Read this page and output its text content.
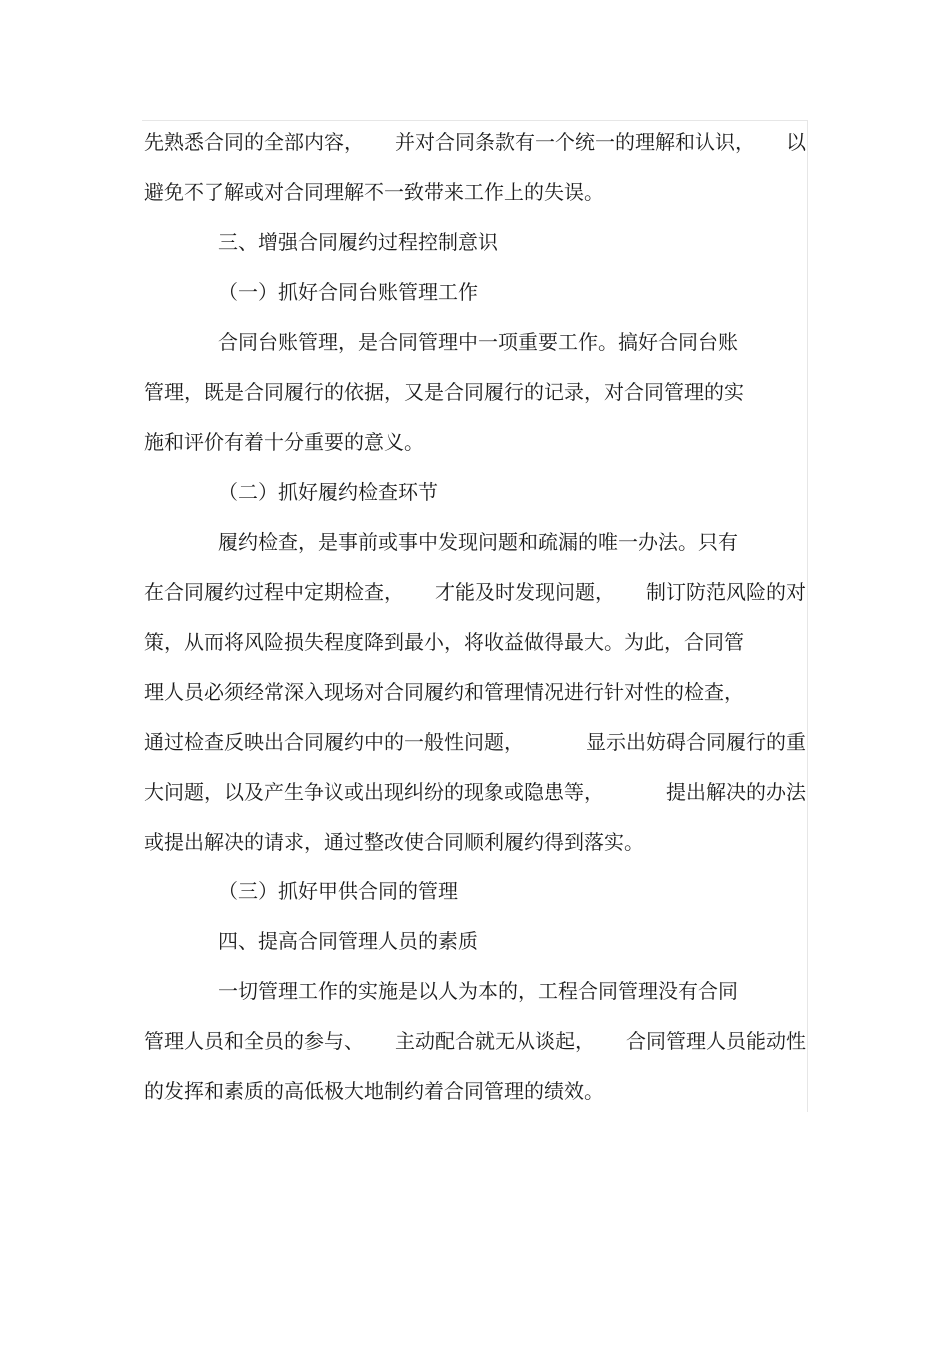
先熟悉合同的全部内容， 并对合同条款有一个统一的理解和认识， 以
避免不了解或对合同理解不一致带来工作上的失误。
三、增强合同履约过程控制意识
（一）抓好合同台账管理工作
合同台账管理，是合同管理中一项重要工作。搞好合同台账
管理，既是合同履行的依据，又是合同履行的记录，对合同管理的实
施和评价有着十分重要的意义。
（二）抓好履约检查环节
履约检查，是事前或事中发现问题和疏漏的唯一办法。只有
在合同履约过程中定期检查， 才能及时发现问题， 制订防范风险的对
策，从而将风险损失程度降到最小，将收益做得最大。为此，合同管
理人员必须经常深入现场对合同履约和管理情况进行针对性的检查，
通过检查反映出合同履约中的一般性问题，	显示出妨碍合同履行的重
大问题，以及产生争议或出现纠纷的现象或隐患等，	提出解决的办法
或提出解决的请求，通过整改使合同顺利履约得到落实。
（三）抓好甲供合同的管理
四、提高合同管理人员的素质
一切管理工作的实施是以人为本的，工程合同管理没有合同
管理人员和全员的参与、 主动配合就无从谈起， 合同管理人员能动性
的发挥和素质的高低极大地制约着合同管理的绩效。
